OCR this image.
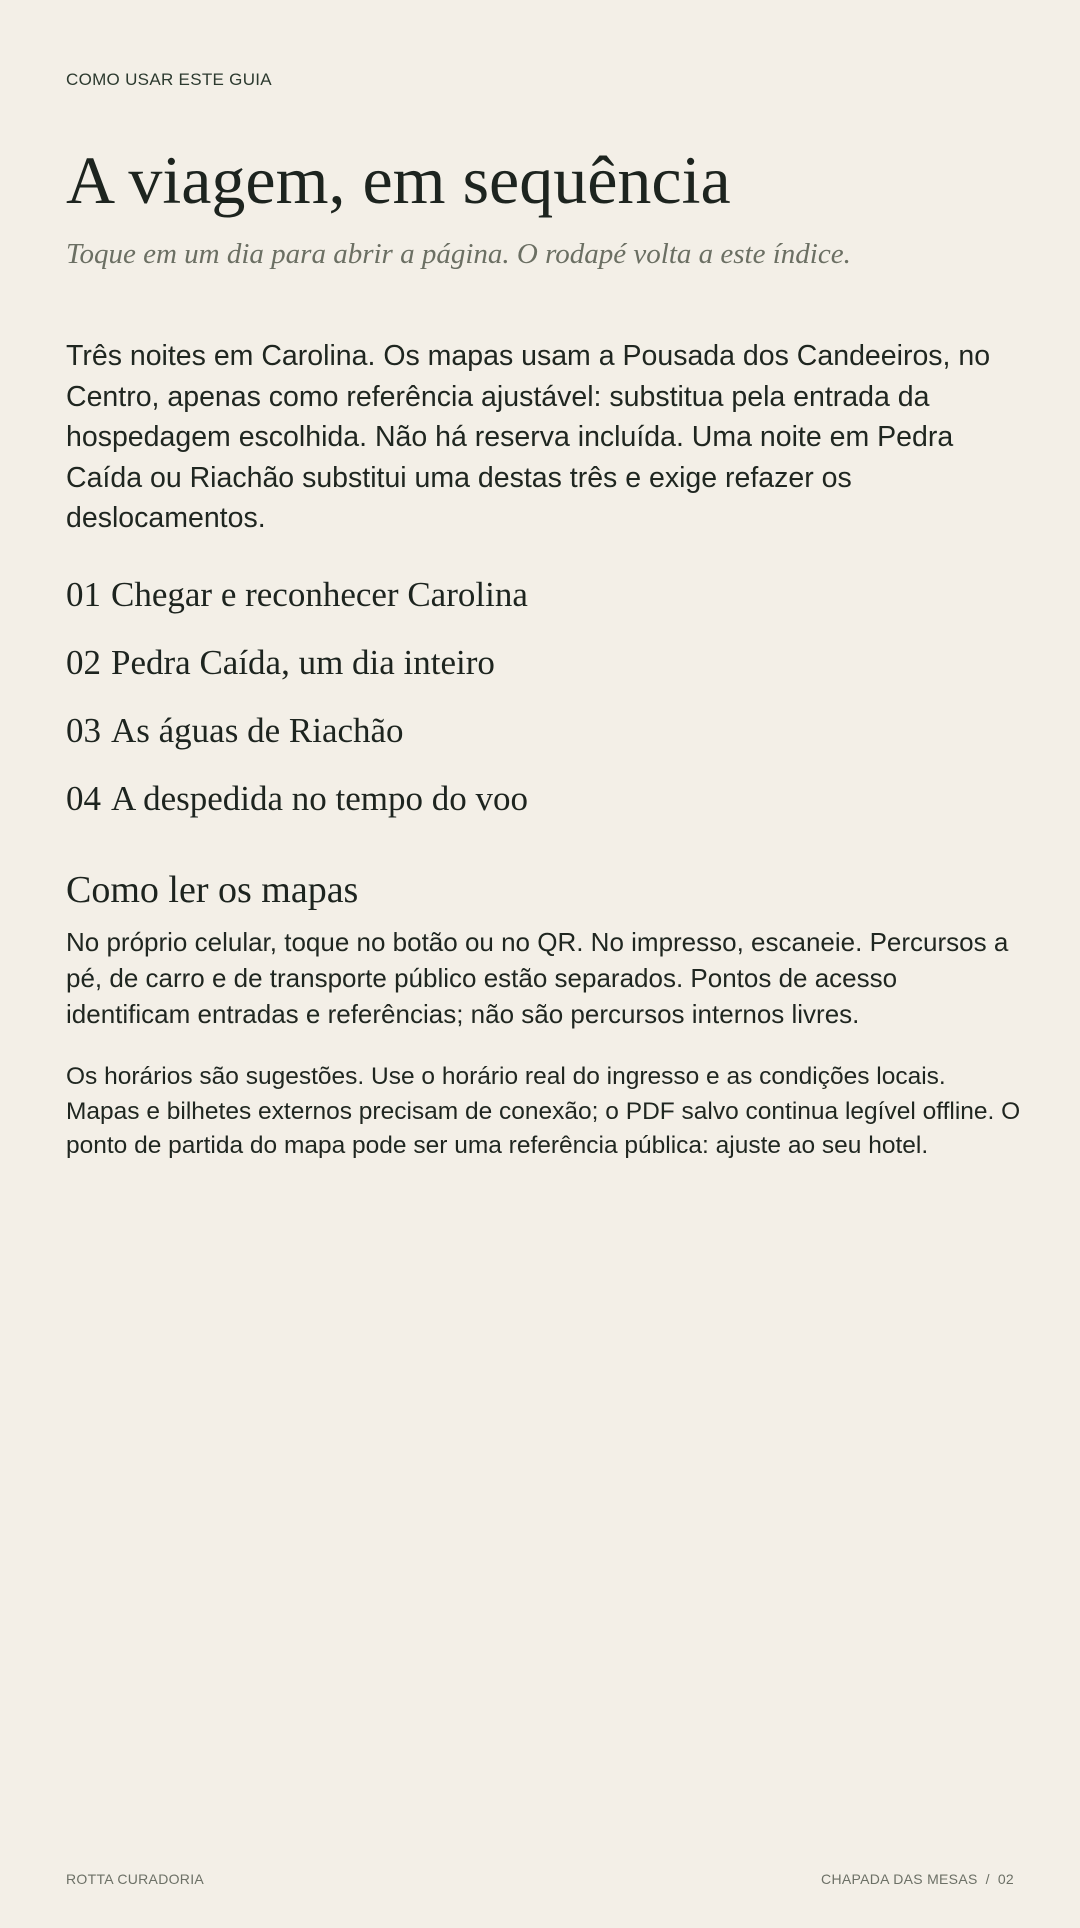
COMO USAR ESTE GUIA
A viagem, em sequência
Toque em um dia para abrir a página. O rodapé volta a este índice.

Três noites em Carolina. Os mapas usam a Pousada dos Candeeiros, no Centro, apenas como referência ajustável: substitua pela entrada da hospedagem escolhida. Não há reserva incluída. Uma noite em Pedra Caída ou Riachão substitui uma destas três e exige refazer os deslocamentos.

01 Chegar e reconhecer Carolina
02 Pedra Caída, um dia inteiro
03 As águas de Riachão
04 A despedida no tempo do voo
Como ler os mapas

No próprio celular, toque no botão ou no QR. No impresso, escaneie. Percursos a pé, de carro e de transporte público estão separados. Pontos de acesso identificam entradas e referências; não são percursos internos livres.

Os horários são sugestões. Use o horário real do ingresso e as condições locais. Mapas e bilhetes externos precisam de conexão; o PDF salvo continua legível offline. O ponto de partida do mapa pode ser uma referência pública: ajuste ao seu hotel.

ROTTA CURADORIA	CHAPADA DAS MESAS / 02
